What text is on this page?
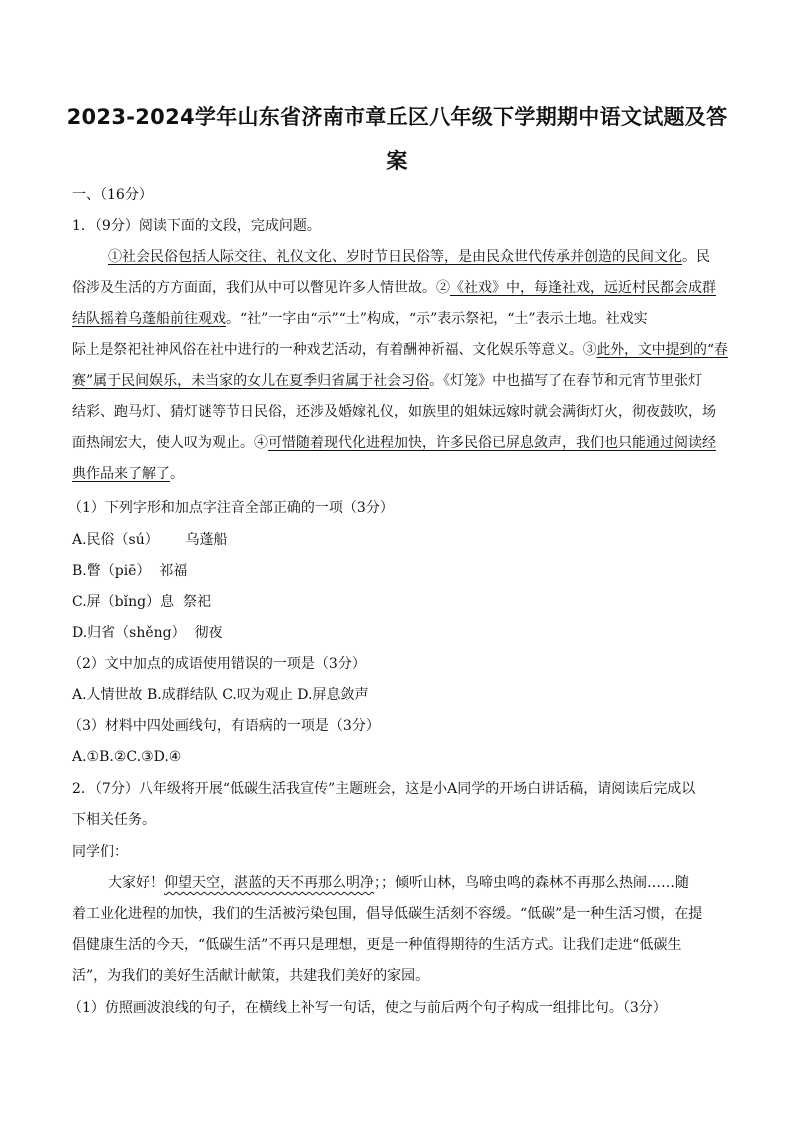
2023-2024学年山东省济南市章丘区八年级下学期期中语文试题及答
案
一、（16分）
1．（9分）阅读下面的文段，完成问题。
①社会民俗包括人际交往、礼仪文化、岁时节日民俗等，是由民众世代传承并创造的民间文化。民
俗涉及生活的方方面面，我们从中可以瞥见许多人情世故。②《社戏》中，每逢社戏，远近村民都会成群
结队摇着乌蓬船前往观戏。“社”一字由“示”“土”构成，“示”表示祭祀，“土”表示土地。社戏实
际上是祭祀社神风俗在社中进行的一种戏艺活动，有着酬神祈福、文化娱乐等意义。③此外，文中提到的“春
赛”属于民间娱乐，未当家的女儿在夏季归省属于社会习俗。《灯笼》中也描写了在春节和元宵节里张灯
结彩、跑马灯、猜灯谜等节日民俗，还涉及婚嫁礼仪，如族里的姐妹远嫁时就会满街灯火，彻夜鼓吹，场
面热闹宏大，使人叹为观止。④可惜随着现代化进程加快，许多民俗已屏息敛声，我们也只能通过阅读经
典作品来了解了。
（1）下列字形和加点字注音全部正确的一项（3分）
A.民俗（sú）      乌蓬船
B.瞥（piē）  祁福
C.屏（bǐng）息  祭祀
D.归省（shěng）  彻夜
（2）文中加点的成语使用错误的一项是（3分）
A.人情世故 B.成群结队 C.叹为观止 D.屏息敛声
（3）材料中四处画线句，有语病的一项是（3分）
A.①B.②C.③D.④
2．（7分）八年级将开展“低碳生活我宣传”主题班会，这是小A同学的开场白讲话稿，请阅读后完成以
下相关任务。
同学们：
大家好！仰望天空，湛蓝的天不再那么明净；；倾听山林，鸟啼虫鸣的森林不再那么热闹……随
着工业化进程的加快，我们的生活被污染包围，倡导低碳生活刻不容缓。“低碳”是一种生活习惯，在提
倡健康生活的今天，“低碳生活”不再只是理想，更是一种值得期待的生活方式。让我们走进“低碳生
活”，为我们的美好生活献计献策，共建我们美好的家园。
（1）仿照画波浪线的句子，在横线上补写一句话，使之与前后两个句子构成一组排比句。（3分）
